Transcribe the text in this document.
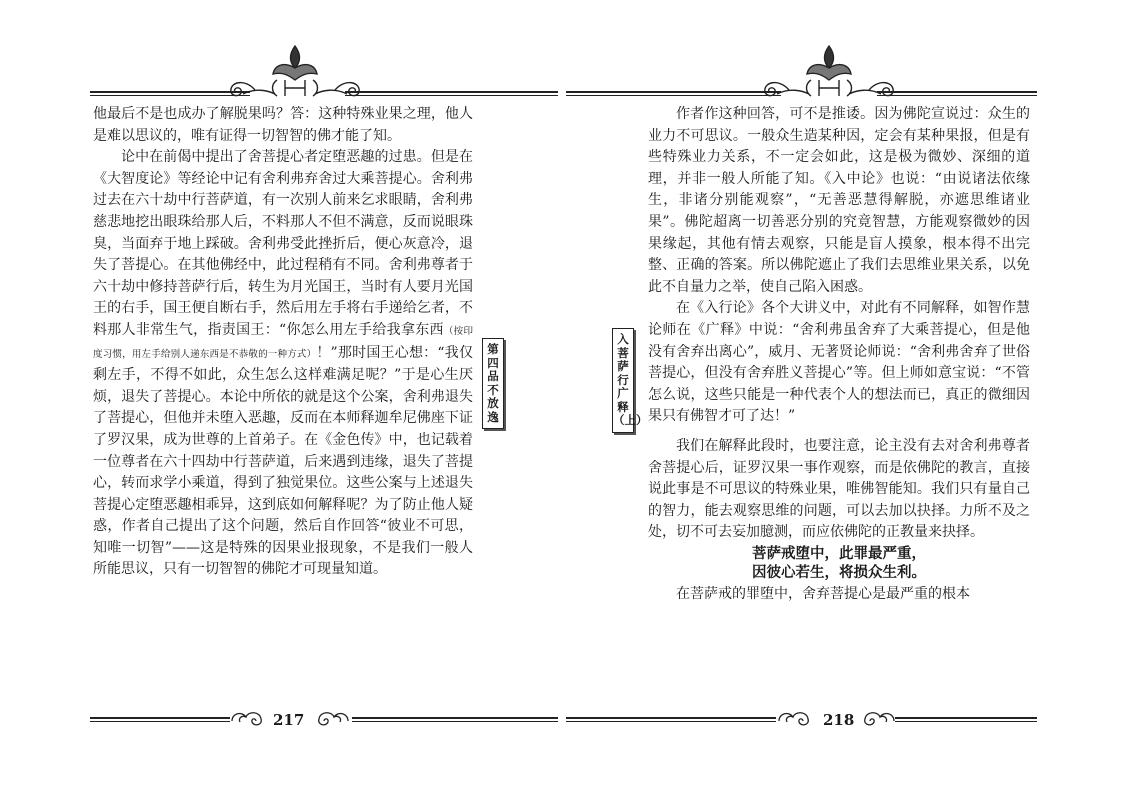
他最后不是也成办了解脱果吗？答：这种特殊业果之理，他人是难以思议的，唯有证得一切智智的佛才能了知。

论中在前偈中提出了舍菩提心者定堕恶趣的过患。但是在《大智度论》等经论中记有舍利弗弃舍过大乘菩提心。舍利弗过去在六十劫中行菩萨道，有一次别人前来乞求眼睛，舍利弗慈悲地挖出眼珠给那人后，不料那人不但不满意，反而说眼珠臭，当面弃于地上踩破。舍利弗受此挫折后，便心灰意冷，退失了菩提心。在其他佛经中，此过程稍有不同。舍利弗尊者于六十劫中修持菩萨行后，转生为月光国王，当时有人要月光国王的右手，国王便自断右手，然后用左手将右手递给乞者，不料那人非常生气，指责国王：“你怎么用左手给我拿东西（按印度习惯，用左手给别人递东西是不恭敬的一种方式）！”那时国王心想：“我仅剩左手，不得不如此，众生怎么这样难满足呢？”于是心生厌烦，退失了菩提心。本论中所依的就是这个公案，舍利弗退失了菩提心，但他并未堕入恶趣，反而在本师释迦牟尼佛座下证了罗汉果，成为世尊的上首弟子。在《金色传》中，也记载着一位尊者在六十四劫中行菩萨道，后来遇到违缘，退失了菩提心，转而求学小乘道，得到了独觉果位。这些公案与上述退失菩提心定堕恶趣相乖异，这到底如何解释呢？为了防止他人疑惑，作者自己提出了这个问题，然后自作回答“彼业不可思，知唯一切智”——这是特殊的因果业报现象，不是我们一般人所能思议，只有一切智智的佛陀才可现量知道。

第四品 不放逸
入菩萨行广释（上）

作者作这种回答，可不是推诿。因为佛陀宣说过：众生的业力不可思议。一般众生造某种因，定会有某种果报，但是有些特殊业力关系，不一定会如此，这是极为微妙、深细的道理，并非一般人所能了知。《入中论》也说：“由说诸法依缘生，非诸分别能观察”，“无善恶慧得解脱，亦遮思维诸业果”。佛陀超离一切善恶分别的究竟智慧，方能观察微妙的因果缘起，其他有情去观察，只能是盲人摸象，根本得不出完整、正确的答案。所以佛陀遮止了我们去思维业果关系，以免此不自量力之举，使自己陷入困惑。

在《入行论》各个大讲义中，对此有不同解释，如智作慧论师在《广释》中说：“舍利弗虽舍弃了大乘菩提心，但是他没有舍弃出离心”，威月、无著贤论师说：“舍利弗舍弃了世俗菩提心，但没有舍弃胜义菩提心”等。但上师如意宝说：“不管怎么说，这些只能是一种代表个人的想法而已，真正的微细因果只有佛智才可了达！”

我们在解释此段时，也要注意，论主没有去对舍利弗尊者舍菩提心后，证罗汉果一事作观察，而是依佛陀的教言，直接说此事是不可思议的特殊业果，唯佛智能知。我们只有量自己的智力，能去观察思维的问题，可以去加以抉择。力所不及之处，切不可去妄加臆测，而应依佛陀的正教量来抉择。

菩萨戒堕中，此罪最严重，

因彼心若生，将损众生利。

在菩萨戒的罪堕中，舍弃菩提心是最严重的根本

217	218
